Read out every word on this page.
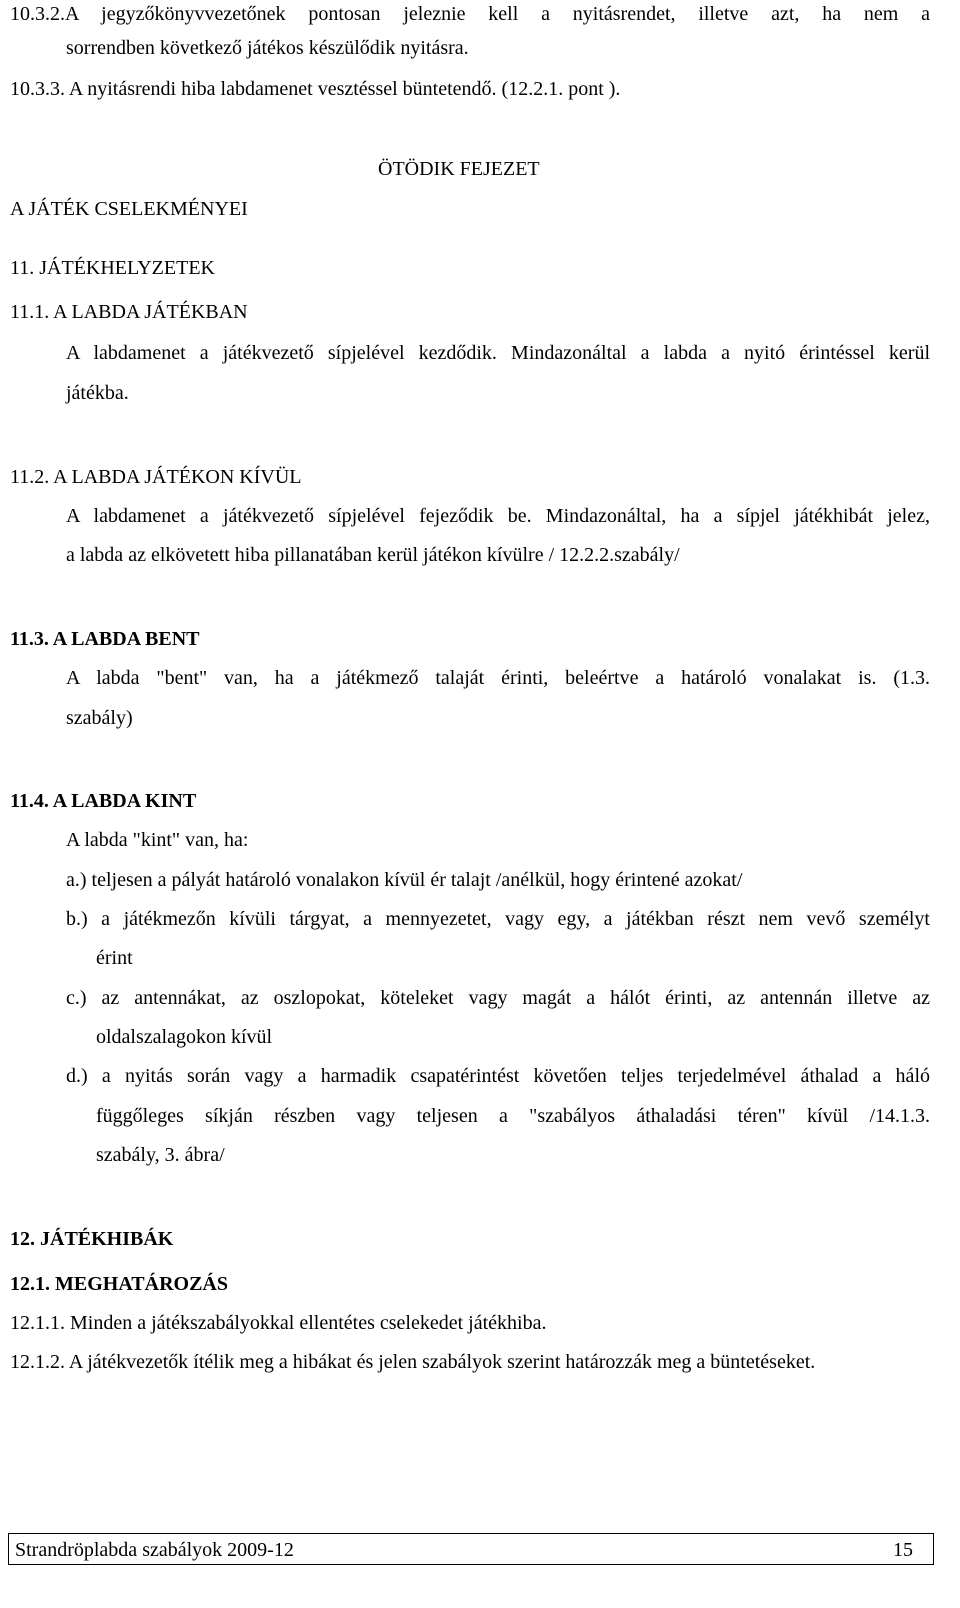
10.3.2.A jegyzőkönyvvezetőnek pontosan jeleznie kell a nyitásrendet, illetve azt, ha nem a
sorrendben következő játékos készülődik nyitásra.
10.3.3. A nyitásrendi hiba labdamenet vesztéssel büntetendő. (12.2.1. pont ).
ÖTÖDIK FEJEZET
A JÁTÉK CSELEKMÉNYEI
11. JÁTÉKHELYZETEK
11.1. A LABDA JÁTÉKBAN
A labdamenet a játékvezető sípjelével kezdődik. Mindazonáltal a labda a nyitó érintéssel kerül
játékba.
11.2. A LABDA JÁTÉKON KÍVÜL
A labdamenet a játékvezető sípjelével fejeződik be. Mindazonáltal, ha a sípjel játékhibát jelez,
a labda az elkövetett hiba pillanatában kerül játékon kívülre / 12.2.2.szabály/
11.3. A LABDA BENT
A labda "bent" van, ha a játékmező talaját érinti, beleértve a határoló vonalakat is. (1.3.
szabály)
11.4. A LABDA KINT
A labda "kint" van, ha:
a.) teljesen a pályát határoló vonalakon kívül ér talajt /anélkül, hogy érintené azokat/
b.) a játékmezőn kívüli tárgyat, a mennyezetet, vagy egy, a játékban részt nem vevő személyt
érint
c.) az antennákat, az oszlopokat, köteleket vagy magát a hálót érinti, az antennán illetve az
oldalszalagokon kívül
d.) a nyitás során vagy a harmadik csapatérintést követően teljes terjedelmével áthalad a háló
függőleges síkján részben vagy teljesen a "szabályos áthaladási téren" kívül /14.1.3.
szabály, 3. ábra/
12. JÁTÉKHIBÁK
12.1. MEGHATÁROZÁS
12.1.1. Minden a játékszabályokkal ellentétes cselekedet játékhiba.
12.1.2. A játékvezetők ítélik meg a hibákat és jelen szabályok szerint határozzák meg a büntetéseket.
Strandröplabda szabályok 2009-12	15
